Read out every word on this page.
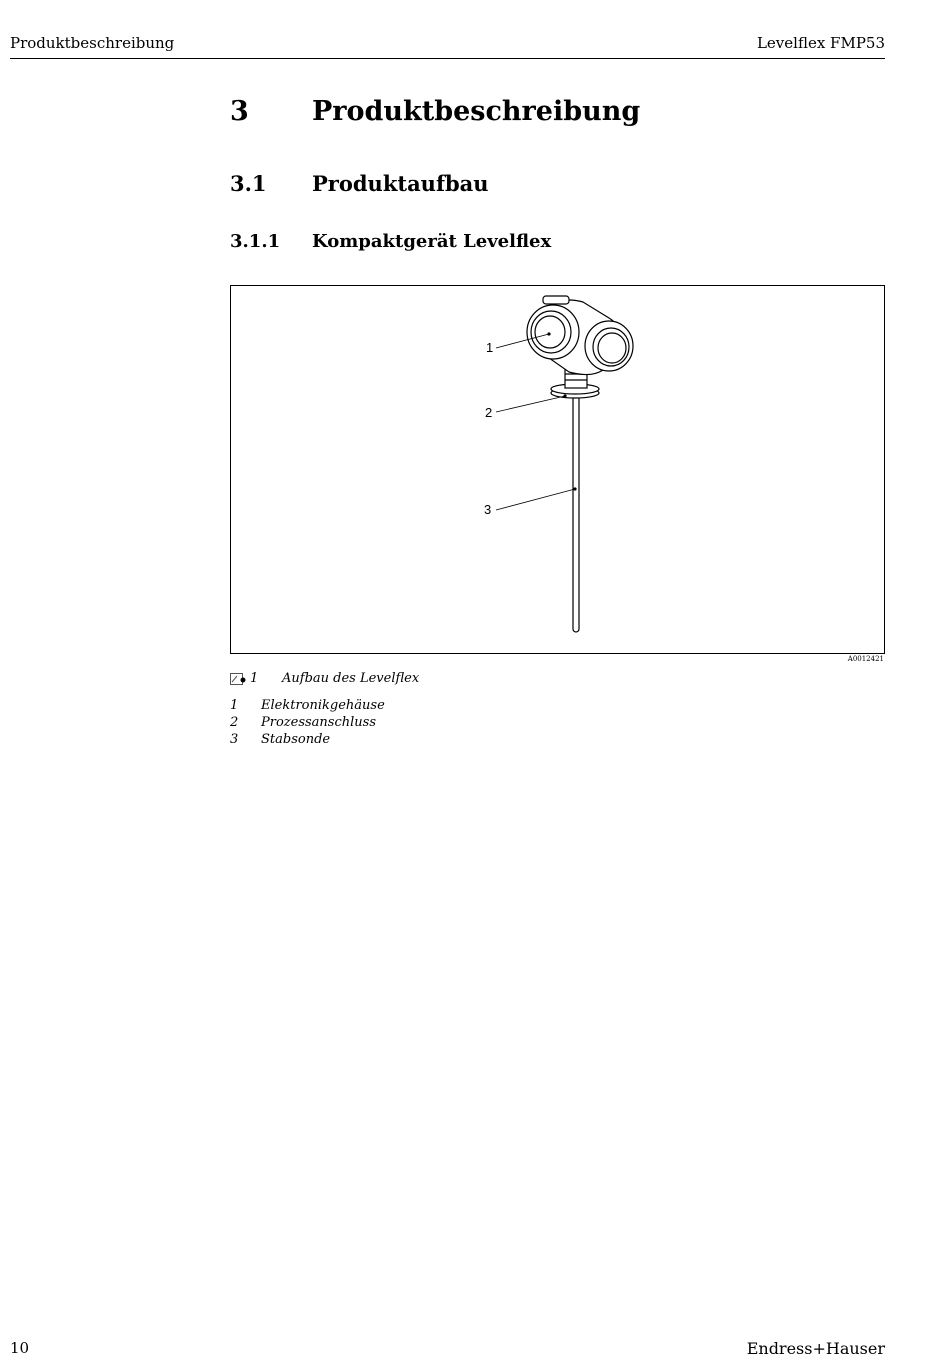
Produktbeschreibung	Levelflex FMP53
3 Produktbeschreibung
3.1 Produktaufbau
3.1.1 Kompaktgerät Levelflex
1
2
3
A0012421
1 Aufbau des Levelflex
1 Elektronikgehäuse
2 Prozessanschluss
3 Stabsonde
10	Endress+Hauser
